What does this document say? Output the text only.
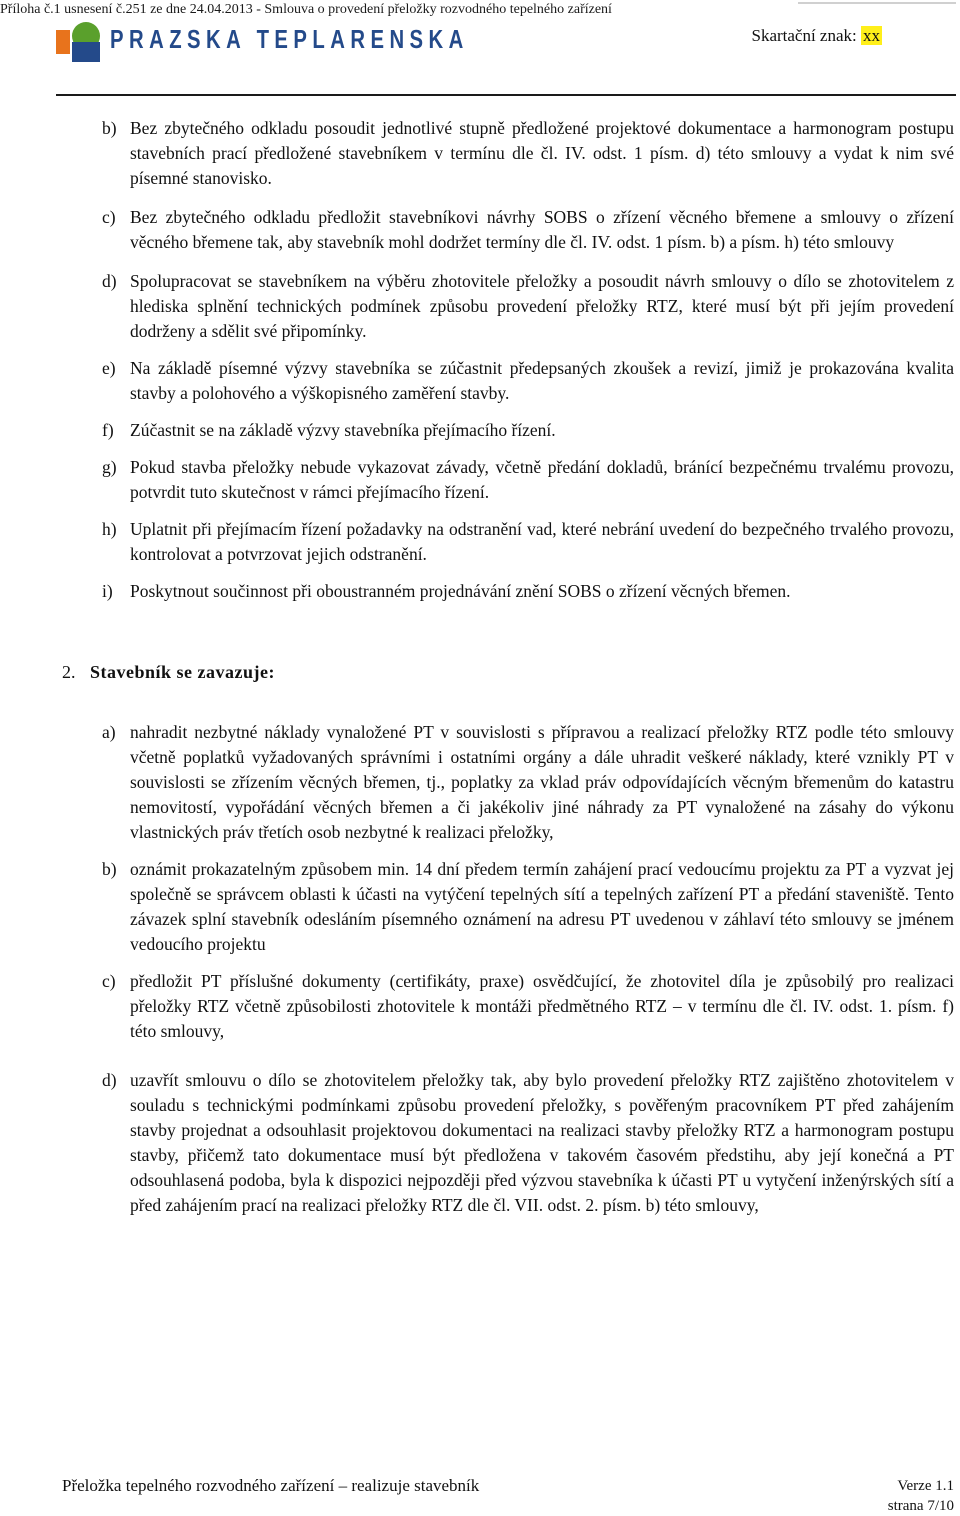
Příloha č.1 usnesení č.251 ze dne 24.04.2013 - Smlouva o provedení přeložky rozvodného tepelného zařízení
PRAZSKA TEPLARENSKA	Skartační znak: xx
b) Bez zbytečného odkladu posoudit jednotlivé stupně předložené projektové dokumentace a harmonogram postupu stavebních prací předložené stavebníkem v termínu dle čl. IV. odst. 1 písm. d) této smlouvy a vydat k nim své písemné stanovisko.
c) Bez zbytečného odkladu předložit stavebníkovi návrhy SOBS o zřízení věcného břemene a smlouvy o zřízení věcného břemene tak, aby stavebník mohl dodržet termíny dle čl. IV. odst. 1 písm. b) a písm. h) této smlouvy
d) Spolupracovat se stavebníkem na výběru zhotovitele přeložky a posoudit návrh smlouvy o dílo se zhotovitelem z hlediska splnění technických podmínek způsobu provedení přeložky RTZ, které musí být při jejím provedení dodrženy a sdělit své připomínky.
e) Na základě písemné výzvy stavebníka se zúčastnit předepsaných zkoušek a revizí, jimiž je prokazována kvalita stavby a polohového a výškopisného zaměření stavby.
f) Zúčastnit se na základě výzvy stavebníka přejímacího řízení.
g) Pokud stavba přeložky nebude vykazovat závady, včetně předání dokladů, bránící bezpečnému trvalému provozu, potvrdit tuto skutečnost v rámci přejímacího řízení.
h) Uplatnit při přejímacím řízení požadavky na odstranění vad, které nebrání uvedení do bezpečného trvalého provozu, kontrolovat a potvrzovat jejich odstranění.
i) Poskytnout součinnost při oboustranném projednávání znění SOBS o zřízení věcných břemen.
2. Stavebník se zavazuje:
a) nahradit nezbytné náklady vynaložené PT v souvislosti s přípravou a realizací přeložky RTZ podle této smlouvy včetně poplatků vyžadovaných správními i ostatními orgány a dále uhradit veškeré náklady, které vznikly PT v souvislosti se zřízením věcných břemen, tj., poplatky za vklad práv odpovídajících věcným břemenům do katastru nemovitostí, vypořádání věcných břemen a či jakékoliv jiné náhrady za PT vynaložené na zásahy do výkonu vlastnických práv třetích osob nezbytné k realizaci přeložky,
b) oznámit prokazatelným způsobem min. 14 dní předem termín zahájení prací vedoucímu projektu za PT a vyzvat jej společně se správcem oblasti k účasti na vytýčení tepelných sítí a tepelných zařízení PT a předání staveniště. Tento závazek splní stavebník odesláním písemného oznámení na adresu PT uvedenou v záhlaví této smlouvy se jménem vedoucího projektu
c) předložit PT příslušné dokumenty (certifikáty, praxe) osvědčující, že zhotovitel díla je způsobilý pro realizaci přeložky RTZ včetně způsobilosti zhotovitele k montáži předmětného RTZ – v termínu dle čl. IV. odst. 1. písm. f) této smlouvy,
d) uzavřít smlouvu o dílo se zhotovitelem přeložky tak, aby bylo provedení přeložky RTZ zajištěno zhotovitelem v souladu s technickými podmínkami způsobu provedení přeložky, s pověřeným pracovníkem PT před zahájením stavby projednat a odsouhlasit projektovou dokumentaci na realizaci stavby přeložky RTZ a harmonogram postupu stavby, přičemž tato dokumentace musí být předložena v takovém časovém předstihu, aby její konečná a PT odsouhlasená podoba, byla k dispozici nejpozději před výzvou stavebníka k účasti PT u vytyčení inženýrských sítí a před zahájením prací na realizaci přeložky RTZ dle čl. VII. odst. 2. písm. b) této smlouvy,
Přeložka tepelného rozvodného zařízení – realizuje stavebník	Verze 1.1
strana 7/10
